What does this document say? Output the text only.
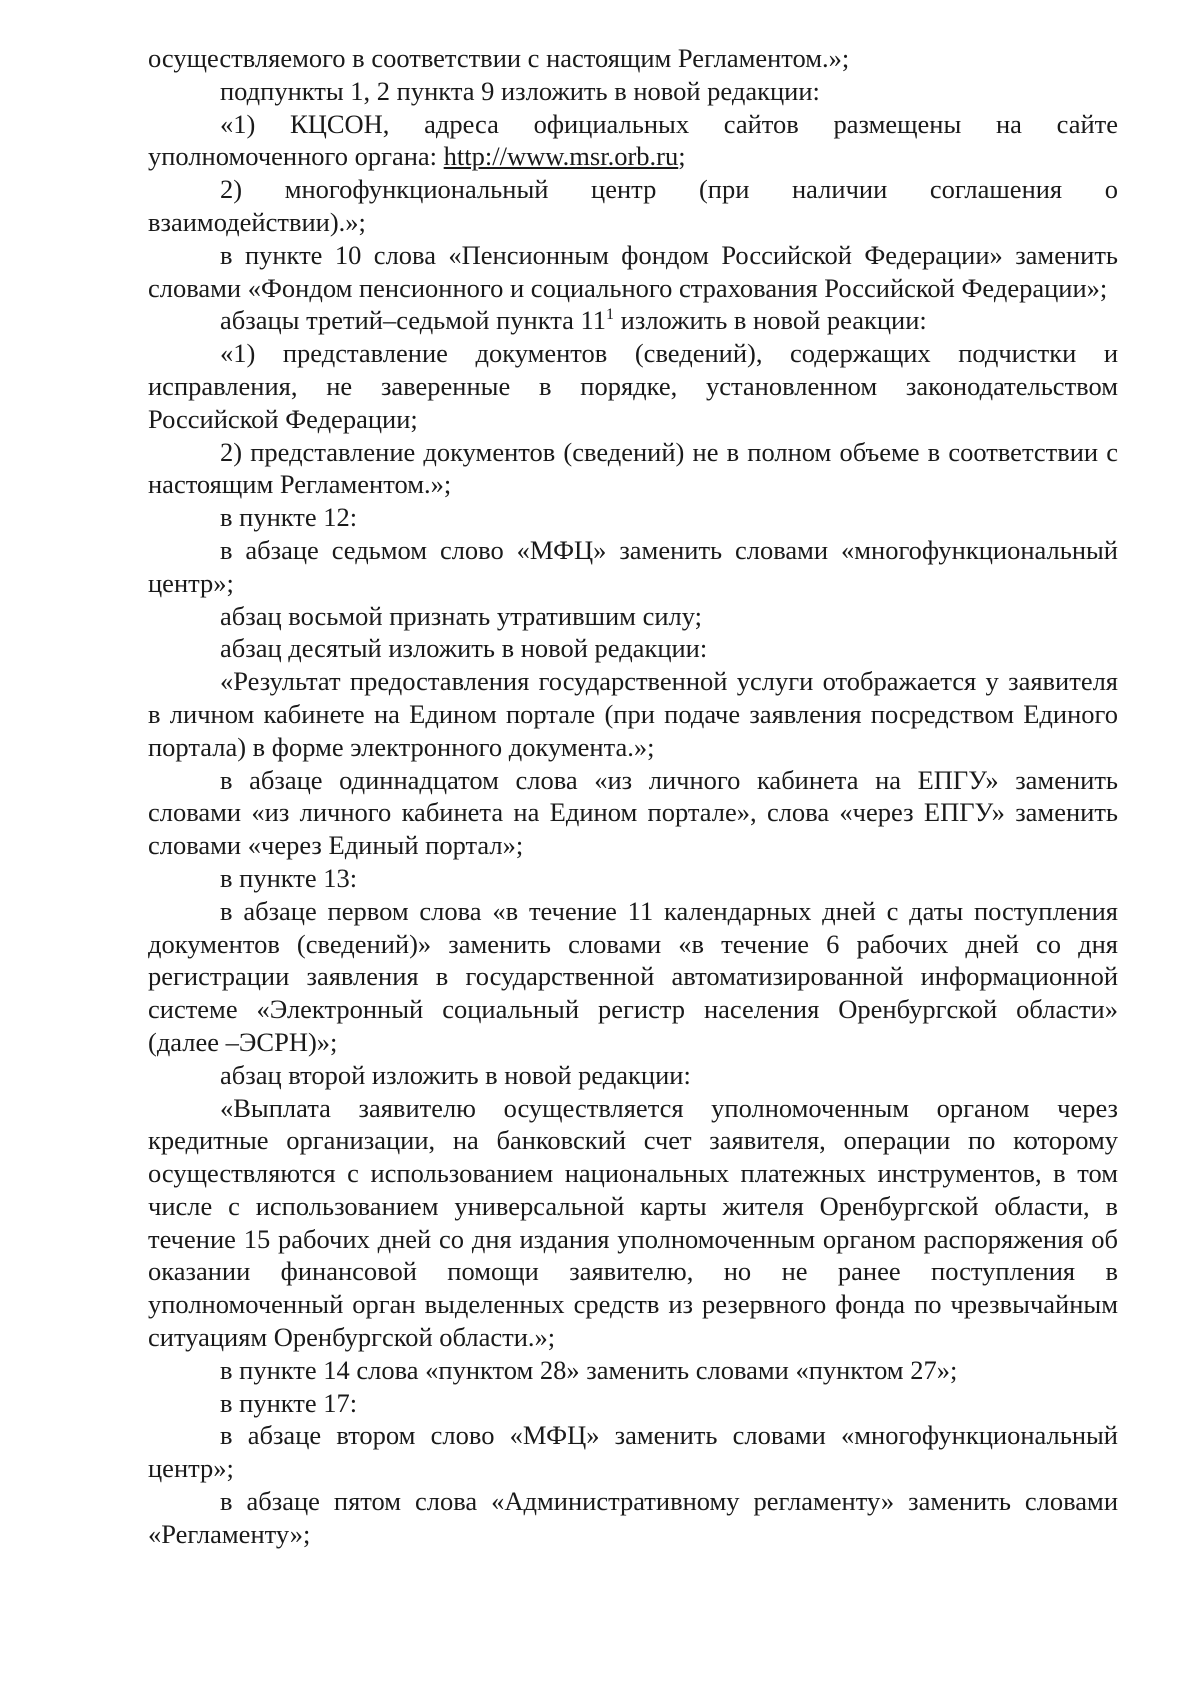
осуществляемого в соответствии с настоящим Регламентом.»;

подпункты 1, 2 пункта 9 изложить в новой редакции:

«1) КЦСОН, адреса официальных сайтов размещены на сайте уполномоченного органа: http://www.msr.orb.ru;

2) многофункциональный центр (при наличии соглашения о взаимодействии).»;

в пункте 10 слова «Пенсионным фондом Российской Федерации» заменить словами «Фондом пенсионного и социального страхования Российской Федерации»;

абзацы третий–седьмой пункта $11^1$ изложить в новой реакции:

«1) представление документов (сведений), содержащих подчистки и исправления, не заверенные в порядке, установленном законодательством Российской Федерации;

2) представление документов (сведений) не в полном объеме в соответствии с настоящим Регламентом.»;

в пункте 12:

в абзаце седьмом слово «МФЦ» заменить словами «многофункциональный центр»;

абзац восьмой признать утратившим силу;

абзац десятый изложить в новой редакции:

«Результат предоставления государственной услуги отображается у заявителя в личном кабинете на Едином портале (при подаче заявления посредством Единого портала) в форме электронного документа.»;

в абзаце одиннадцатом слова «из личного кабинета на ЕПГУ» заменить словами «из личного кабинета на Едином портале», слова «через ЕПГУ» заменить словами «через Единый портал»;

в пункте 13:

в абзаце первом слова «в течение 11 календарных дней с даты поступления документов (сведений)» заменить словами «в течение 6 рабочих дней со дня регистрации заявления в государственной автоматизированной информационной системе «Электронный социальный регистр населения Оренбургской области» (далее –ЭСРН)»;

абзац второй изложить в новой редакции:

«Выплата заявителю осуществляется уполномоченным органом через кредитные организации, на банковский счет заявителя, операции по которому осуществляются с использованием национальных платежных инструментов, в том числе с использованием универсальной карты жителя Оренбургской области, в течение 15 рабочих дней со дня издания уполномоченным органом распоряжения об оказании финансовой помощи заявителю, но не ранее поступления в уполномоченный орган выделенных средств из резервного фонда по чрезвычайным ситуациям Оренбургской области.»;

в пункте 14 слова «пунктом 28» заменить словами «пунктом 27»;

в пункте 17:

в абзаце втором слово «МФЦ» заменить словами «многофункциональный центр»;

в абзаце пятом слова «Административному регламенту» заменить словами «Регламенту»;
